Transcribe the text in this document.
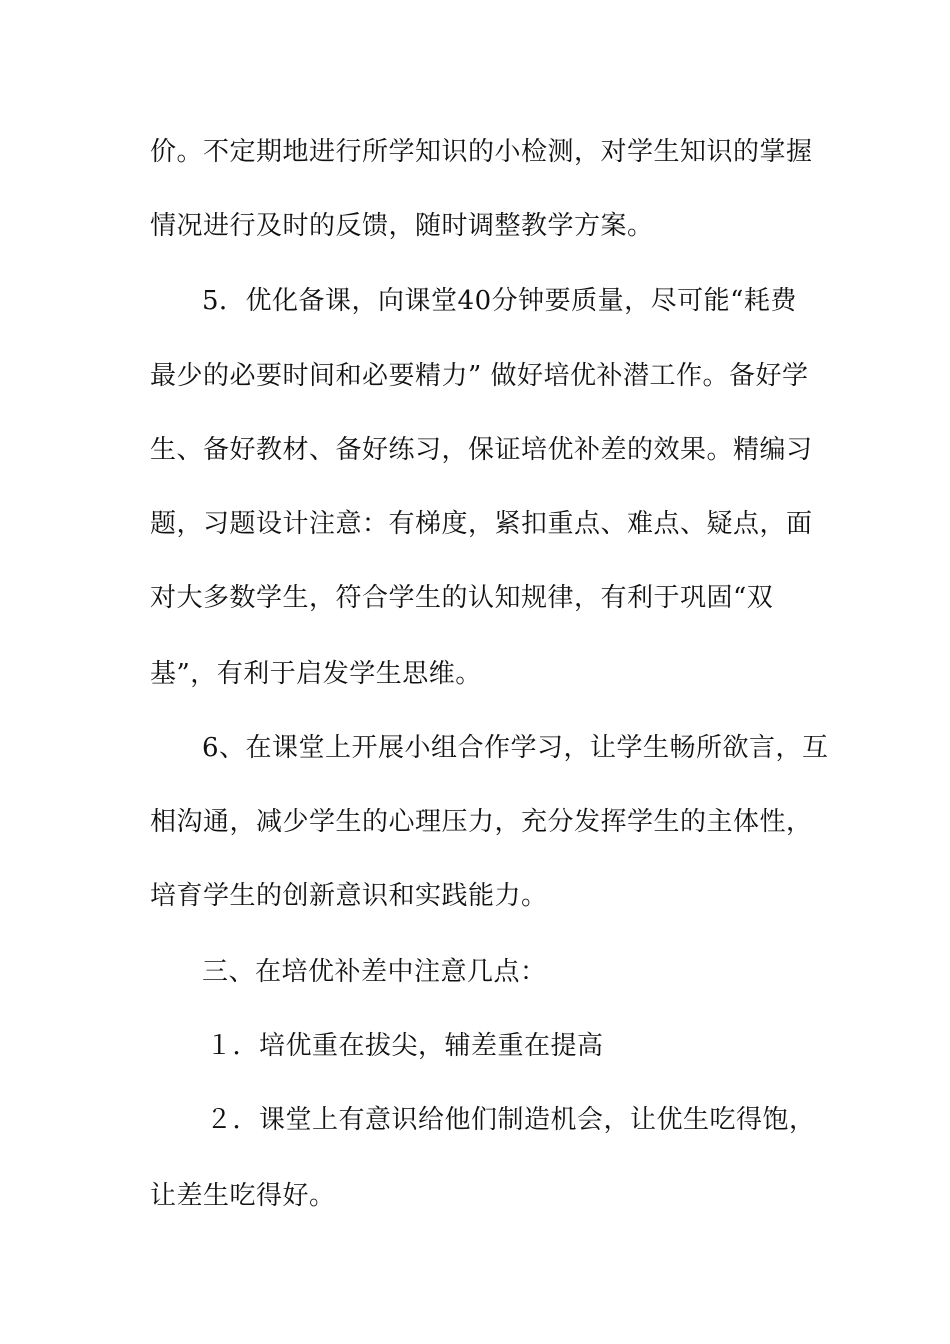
价。不定期地进行所学知识的小检测，对学生知识的掌握
情况进行及时的反馈，随时调整教学方案。
5．优化备课，向课堂40分钟要质量，尽可能“耗费
最少的必要时间和必要精力” 做好培优补潜工作。备好学
生、备好教材、备好练习，保证培优补差的效果。精编习
题，习题设计注意：有梯度，紧扣重点、难点、疑点，面
对大多数学生，符合学生的认知规律，有利于巩固“双
基”，有利于启发学生思维。
6、在课堂上开展小组合作学习，让学生畅所欲言，互
相沟通，减少学生的心理压力，充分发挥学生的主体性，
培育学生的创新意识和实践能力。
三、在培优补差中注意几点：
１．培优重在拔尖，辅差重在提高
２．课堂上有意识给他们制造机会，让优生吃得饱，
让差生吃得好。
